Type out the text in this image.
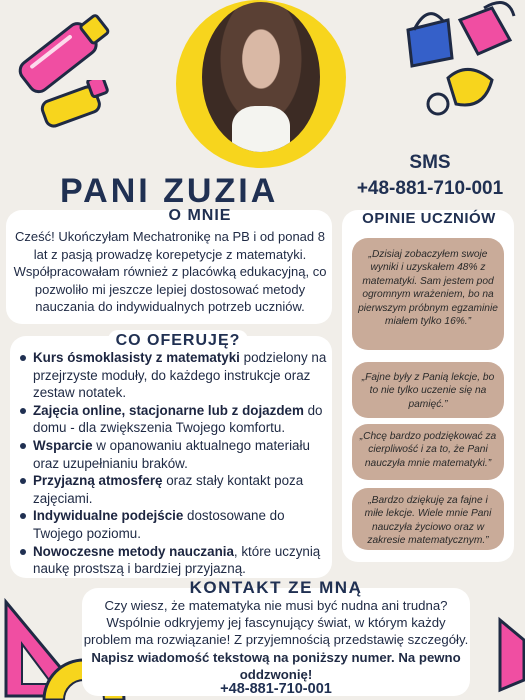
PANI ZUZIA
SMS
+48-881-710-001
O MNIE
Cześć! Ukończyłam Mechatronikę na PB i od ponad 8 lat z pasją prowadzę korepetycje z matematyki. Współpracowałam również z placówką edukacyjną, co pozwoliło mi jeszcze lepiej dostosować metody nauczania do indywidualnych potrzeb uczniów.
CO OFERUJĘ?
Kurs ósmoklasisty z matematyki podzielony na przejrzyste moduły, do każdego instrukcje oraz zestaw notatek.
Zajęcia online, stacjonarne lub z dojazdem do domu - dla zwiększenia Twojego komfortu.
Wsparcie w opanowaniu aktualnego materiału oraz uzupełnianiu braków.
Przyjazną atmosferę oraz stały kontakt poza zajęciami.
Indywidualne podejście dostosowane do Twojego poziomu.
Nowoczesne metody nauczania, które uczynią naukę prostszą i bardziej przyjazną.
OPINIE UCZNIÓW
„Dzisiaj zobaczyłem swoje wyniki i uzyskałem 48% z matematyki. Sam jestem pod ogromnym wrażeniem, bo na pierwszym próbnym egzaminie miałem tylko 16%.”
„Fajne były z Panią lekcje, bo to nie tylko uczenie się na pamięć.”
„Chcę bardzo podziękować za cierpliwość i za to, że Pani nauczyła mnie matematyki.”
„Bardzo dziękuję za fajne i miłe lekcje. Wiele mnie Pani nauczyła życiowo oraz w zakresie matematycznym.”
KONTAKT ZE MNĄ
Czy wiesz, że matematyka nie musi być nudna ani trudna? Wspólnie odkryjemy jej fascynujący świat, w którym każdy problem ma rozwiązanie! Z przyjemnością przedstawię szczegóły. Napisz wiadomość tekstową na poniższy numer. Na pewno oddzwonię!
+48-881-710-001
